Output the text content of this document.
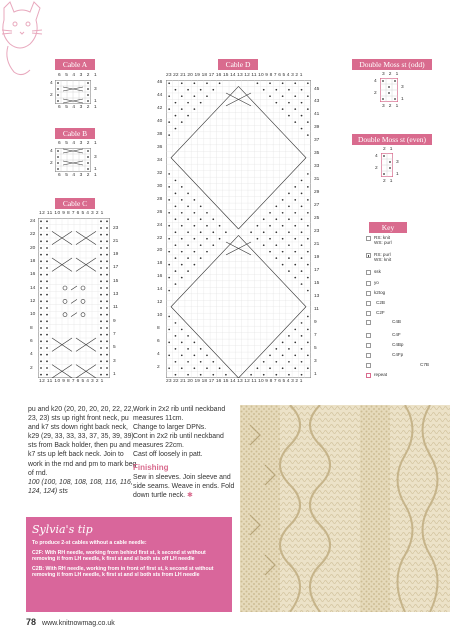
Cable A
6 5 4 3 2 1
4
2
3
1
6 5 4 3 2 1
Cable B
6 5 4 3 2 1
4
2
3
1
6 5 4 3 2 1
Cable C
12 11 10 9 8 7 6 5 4 3 2 1
24
22
20
18
16
14
12
10
8
6
4
2
23
21
19
17
15
13
11
9
7
5
3
1
12 11 10 9 8 7 6 5 4 3 2 1
Cable D
23 22 21 20 19 18 17 16 15 14 13 12 11 10 9 8 7 6 5 4 3 2 1
46
44
42
40
38
36
34
32
30
28
26
24
22
20
18
16
14
12
10
8
6
4
2
45
43
41
39
37
35
33
31
29
27
25
23
21
19
17
15
13
11
9
7
5
3
1
23 22 21 20 19 18 17 16 15 14 13 12 11 10 9 8 7 6 5 4 3 2 1
Double Moss st (odd)
3 2 1
4
2
3
1
3 2 1
Double Moss st (even)
2 1
4
2
3
1
2 1
Key
RS: knit
WS: purl
RS: purl
WS: knit
ssk
yo
k2tog
C2B
C2F
C4B
C4F
C4Bp
C4Fp
C7B
repeat

pu and k20 (20, 20, 20, 20, 22, 22, 23, 23) sts up right front neck, pu and k7 sts down right back neck, k29 (29, 33, 33, 33, 37, 35, 39, 39) sts from Back holder, then pu and k7 sts up left back neck. Join to work in the rnd and pm to mark beg of rnd.

100 (100, 108, 108, 108, 116, 116, 124, 124) sts

Work in 2x2 rib until neckband measures 11cm.

Change to larger DPNs.

Cont in 2x2 rib until neckband measures 22cm.

Cast off loosely in patt.

Finishing

Sew in sleeves. Join sleeve and side seams. Weave in ends. Fold down turtle neck. ✱

Sylvia's tip

To produce 2-st cables without a cable needle:

C2F: With RH needle, working from behind first st, k second st without removing it from LH needle, k first st and sl both sts off LH needle

C2B: With RH needle, working from in front of first st, k second st without removing it from LH needle, k first st and sl both sts from LH needle

78 www.knitnowmag.co.uk
